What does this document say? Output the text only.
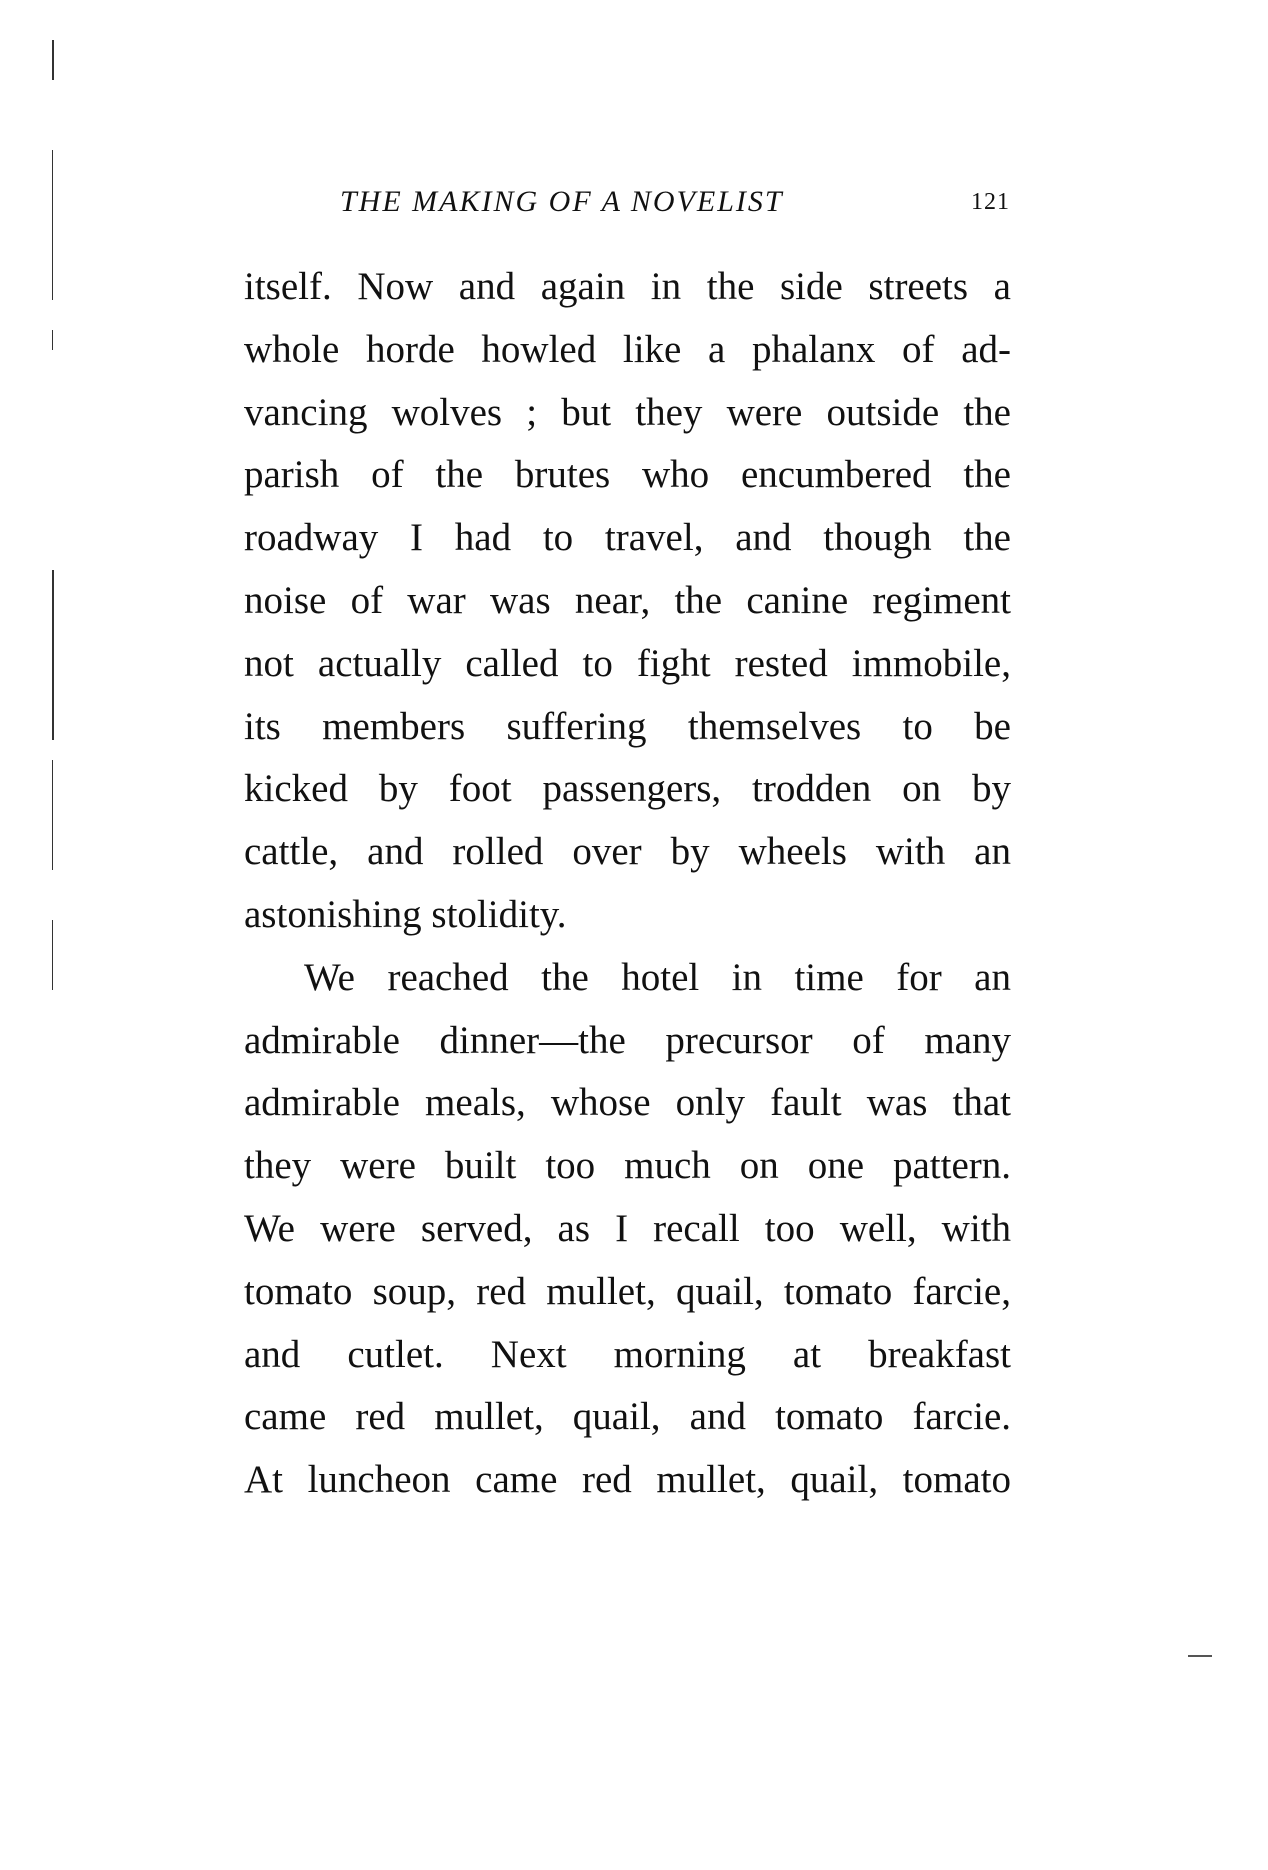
THE MAKING OF A NOVELIST	121
itself. Now and again in the side streets a
whole horde howled like a phalanx of ad-
vancing wolves ; but they were outside the
parish of the brutes who encumbered the
roadway I had to travel, and though the
noise of war was near, the canine regiment
not actually called to fight rested immobile,
its members suffering themselves to be
kicked by foot passengers, trodden on by
cattle, and rolled over by wheels with an
astonishing stolidity.
We reached the hotel in time for an
admirable dinner—the precursor of many
admirable meals, whose only fault was that
they were built too much on one pattern.
We were served, as I recall too well, with
tomato soup, red mullet, quail, tomato farcie,
and cutlet. Next morning at breakfast
came red mullet, quail, and tomato farcie.
At luncheon came red mullet, quail, tomato
